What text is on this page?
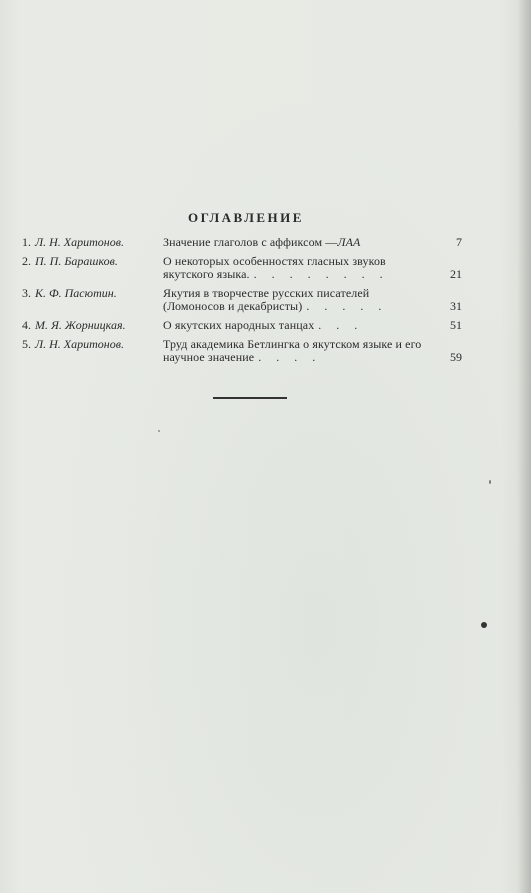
ОГЛАВЛЕНИЕ
1. Л. Н. Харитонов.	Значение глаголов с аффиксом —ЛАА	7
2. П. П. Барашков.	О некоторых особенностях гласных звуков якутского языка. . . . . . . . .	21
3. К. Ф. Пасютин.	Якутия в творчестве русских писателей (Ломоносов и декабристы) . . . . .	31
4. М. Я. Жорницкая.	О якутских народных танцах . . .	51
5. Л. Н. Харитонов.	Труд академика Бетлингка о якутском языке и его научное значение . . . .	59
